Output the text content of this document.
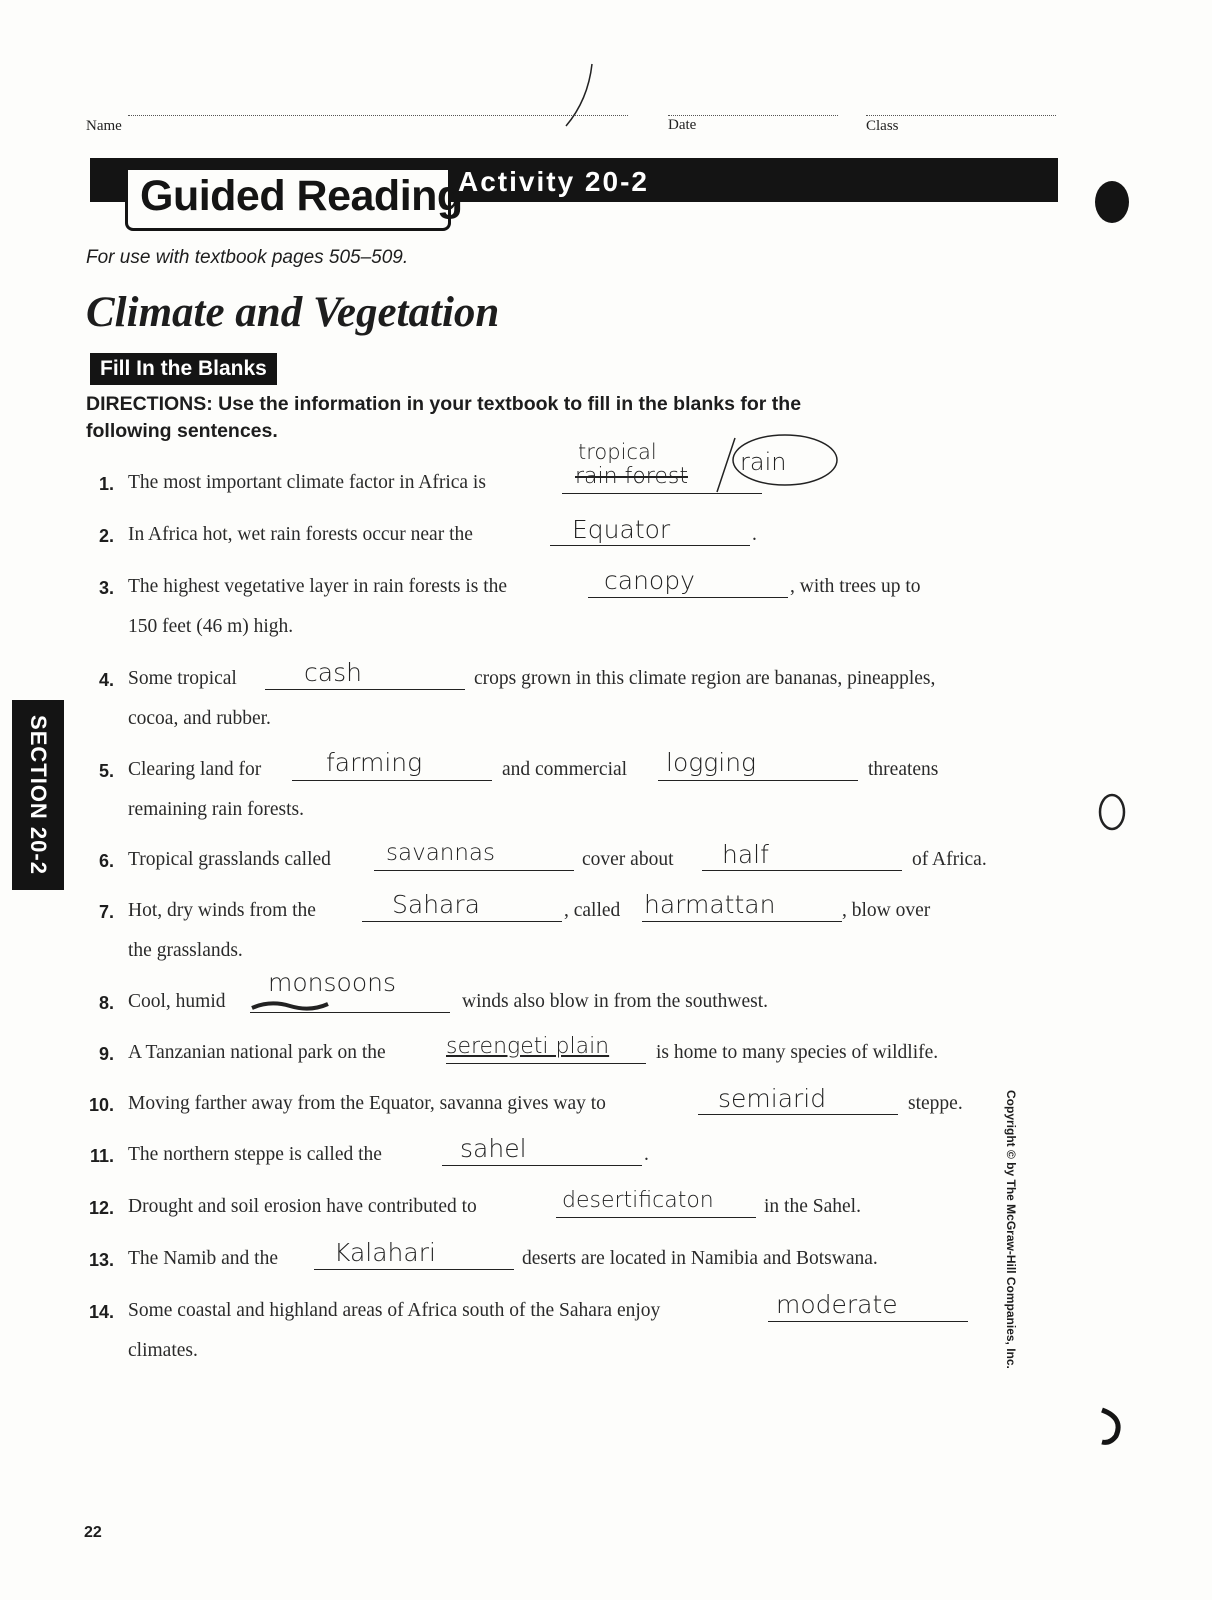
Name	Date	Class
Guided Reading
Activity 20-2
For use with textbook pages 505–509.
Climate and Vegetation
Fill In the Blanks
DIRECTIONS: Use the information in your textbook to fill in the blanks for the following sentences.
1. The most important climate factor in Africa is	rain forest
tropical	rain
2. In Africa hot, wet rain forests occur near the	Equator	.
3. The highest vegetative layer in rain forests is the	canopy	, with trees up to
150 feet (46 m) high.
4. Some tropical	cash	crops grown in this climate region are bananas, pineapples,
cocoa, and rubber.
5. Clearing land for	farming	and commercial logging	threatens
remaining rain forests.
6. Tropical grasslands called savannas	cover about half	of Africa.
7. Hot, dry winds from the	Sahara	, called harmattan	, blow over
the grasslands.
8. Cool, humid
monsoons
winds also blow in from the southwest.
9. A Tanzanian national park on the	serengeti plain is home to many species of wildlife.
10. Moving farther away from the Equator, savanna gives way to	semiarid	steppe.
11. The northern steppe is called the	sahel	.
12. Drought and soil erosion have contributed to	desertificaton	in the Sahel.
13. The Namib and the Kalahari	deserts are located in Namibia and Botswana.
14. Some coastal and highland areas of Africa south of the Sahara enjoy	moderate
climates.
SECTION 20-2
Copyright © by The McGraw-Hill Companies, Inc.
22
